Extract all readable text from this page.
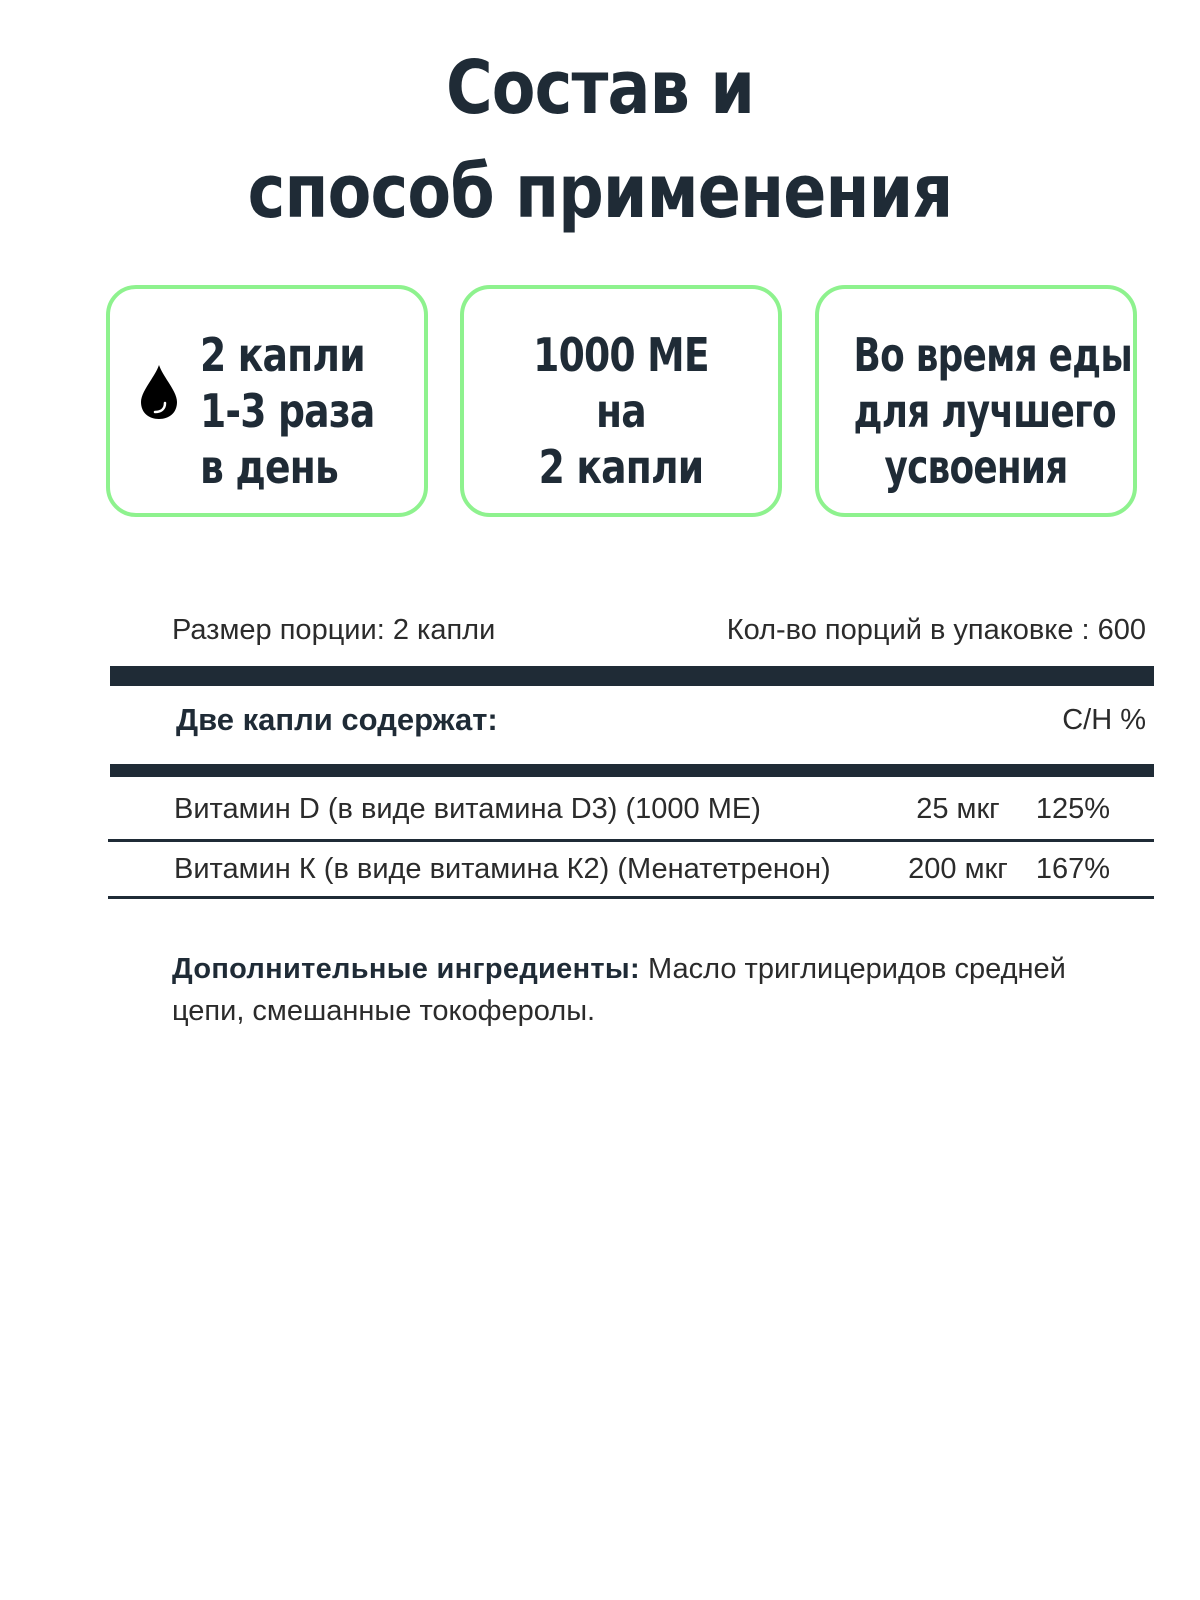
Состав и
способ применения
2 капли
1-3 раза
в день
1000 МЕ
на
2 капли
Во время еды
для лучшего
усвоения
Размер порции: 2 капли	Кол-во порций в упаковке : 600
Две капли содержат:	С/Н %
Витамин D (в виде витамина D3) (1000 МЕ)	25 мкг	125%
Витамин К (в виде витамина К2) (Менатетренон)	200 мкг 167%
Дополнительные ингредиенты: Масло триглицеридов средней цепи, смешанные токоферолы.
